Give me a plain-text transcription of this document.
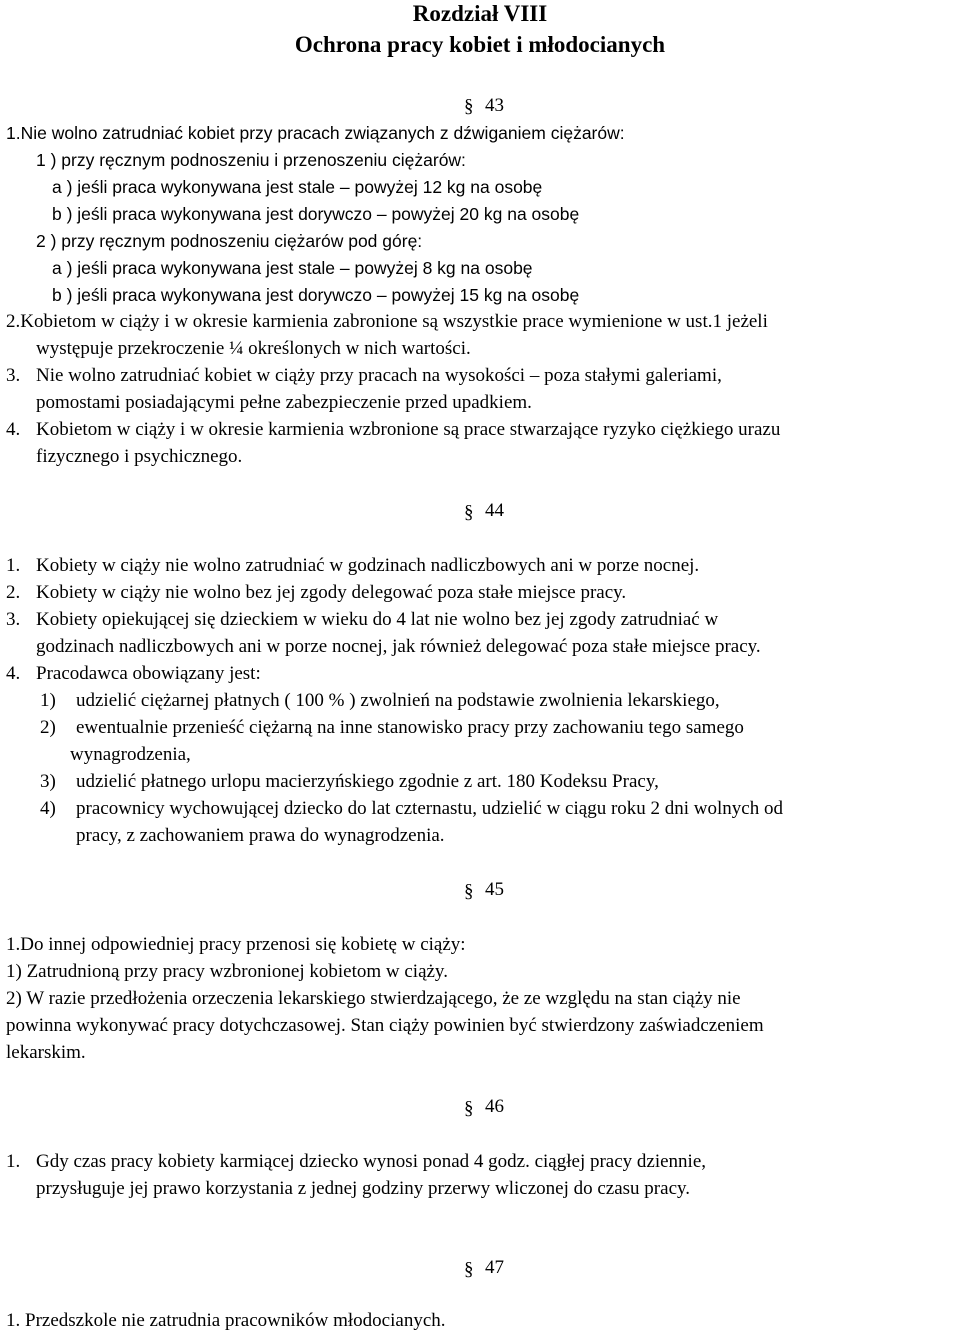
Rozdział VIII
Ochrona pracy kobiet i młodocianych
§ 43
1.Nie wolno zatrudniać kobiet przy pracach związanych z dźwiganiem ciężarów:
1 ) przy ręcznym podnoszeniu i przenoszeniu ciężarów:
a ) jeśli praca wykonywana jest stale – powyżej 12 kg na osobę
b ) jeśli praca wykonywana jest dorywczo – powyżej 20 kg na osobę
2 ) przy ręcznym podnoszeniu ciężarów pod górę:
a ) jeśli praca wykonywana jest stale – powyżej 8 kg na osobę
b ) jeśli praca wykonywana jest dorywczo – powyżej 15 kg na osobę
2.Kobietom w ciąży i w okresie karmienia zabronione są wszystkie prace wymienione w ust.1 jeżeli
występuje przekroczenie ¼ określonych w nich wartości.
3. Nie wolno zatrudniać kobiet w ciąży przy pracach na wysokości – poza stałymi galeriami,
pomostami posiadającymi pełne zabezpieczenie przed upadkiem.
4. Kobietom w ciąży i w okresie karmienia wzbronione są prace stwarzające ryzyko ciężkiego urazu
fizycznego i psychicznego.
§ 44
1. Kobiety w ciąży nie wolno zatrudniać w godzinach nadliczbowych ani w porze nocnej.
2. Kobiety w ciąży nie wolno bez jej zgody delegować poza stałe miejsce pracy.
3. Kobiety opiekującej się dzieckiem w wieku do 4 lat nie wolno bez jej zgody zatrudniać w
godzinach nadliczbowych ani w porze nocnej, jak również delegować poza stałe miejsce pracy.
4. Pracodawca obowiązany jest:
1) udzielić ciężarnej płatnych ( 100 % ) zwolnień na podstawie zwolnienia lekarskiego,
2) ewentualnie przenieść ciężarną na inne stanowisko pracy przy zachowaniu tego samego
wynagrodzenia,
3) udzielić płatnego urlopu macierzyńskiego zgodnie z art. 180 Kodeksu Pracy,
4) pracownicy wychowującej dziecko do lat czternastu, udzielić w ciągu roku 2 dni wolnych od
pracy, z zachowaniem prawa do wynagrodzenia.
§ 45
1.Do innej odpowiedniej pracy przenosi się kobietę w ciąży:
1) Zatrudnioną przy pracy wzbronionej kobietom w ciąży.
2) W razie przedłożenia orzeczenia lekarskiego stwierdzającego, że ze względu na stan ciąży nie
powinna wykonywać pracy dotychczasowej. Stan ciąży powinien być stwierdzony zaświadczeniem
lekarskim.
§ 46
1. Gdy czas pracy kobiety karmiącej dziecko wynosi ponad 4 godz. ciągłej pracy dziennie,
przysługuje jej prawo korzystania z jednej godziny przerwy wliczonej do czasu pracy.
§ 47
1. Przedszkole nie zatrudnia pracowników młodocianych.
